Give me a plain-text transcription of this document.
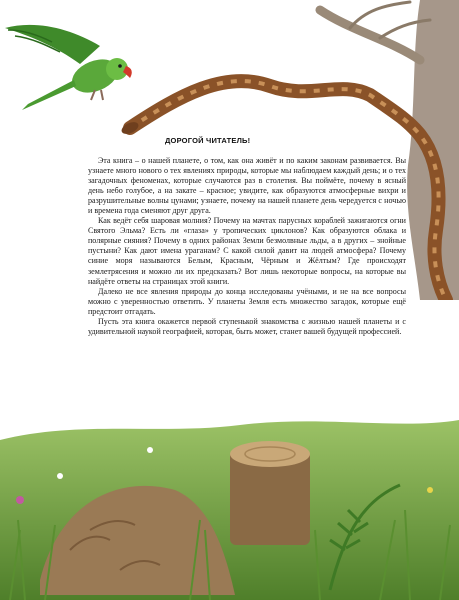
ДОРОГОЙ ЧИТАТЕЛЬ!

Эта книга – о нашей планете, о том, как она живёт и по каким законам развивается. Вы узнаете много нового о тех явлениях природы, которые мы наблюдаем каждый день; и о тех загадочных феноменах, которые случаются раз в столетия. Вы поймёте, почему в ясный день небо голубое, а на закате – красное; увидите, как образуются атмосферные вихри и разрушительные волны цунами; узнаете, почему на нашей планете день чередуется с ночью и времена года сменяют друг друга.

Как ведёт себя шаровая молния? Почему на мачтах парусных кораблей зажигаются огни Святого Эльма? Есть ли «глаза» у тропических циклонов? Как образуются облака и полярные сияния? Почему в одних районах Земли безмолвные льды, а в других – знойные пустыни? Как дают имена ураганам? С какой силой давит на людей атмосфера? Почему синие моря называются Белым, Красным, Чёрным и Жёлтым? Где происходят землетрясения и можно ли их предсказать? Вот лишь некоторые вопросы, на которые вы найдёте ответы на страницах этой книги.

Далеко не все явления природы до конца исследованы учёными, и не на все вопросы можно с уверенностью ответить. У планеты Земля есть множество загадок, которые ещё предстоит отгадать.

Пусть эта книга окажется первой ступенькой знакомства с жизнью нашей планеты и с удивительной наукой географией, которая, быть может, станет вашей будущей профессией.
